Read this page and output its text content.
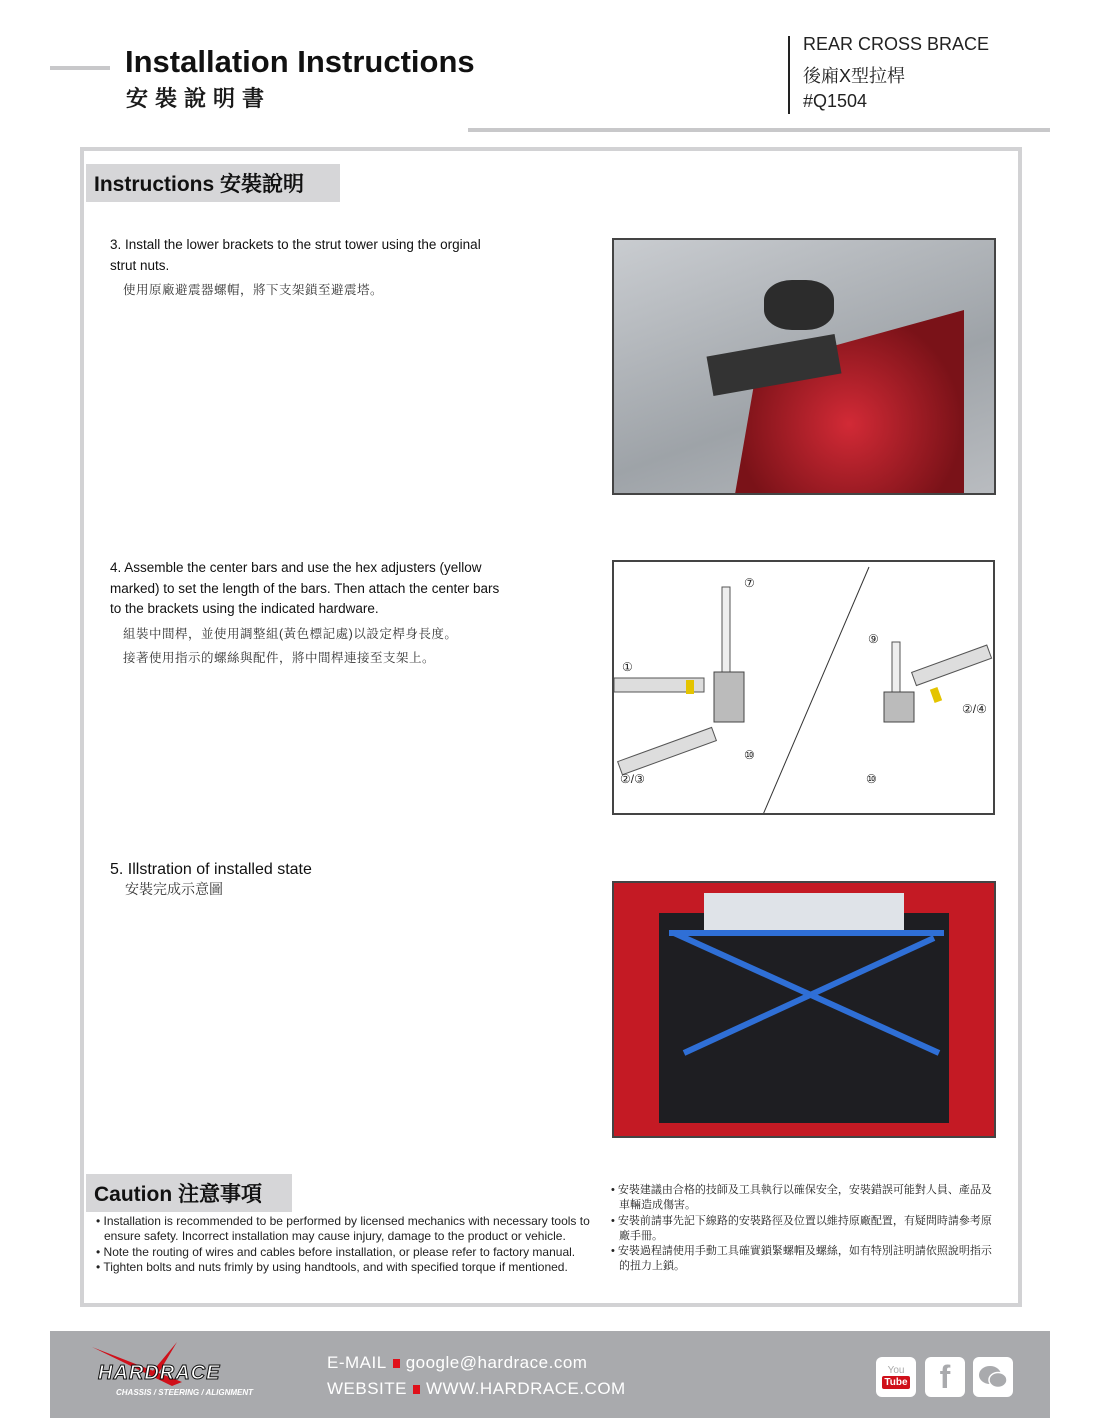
Installation Instructions
安裝說明書
REAR CROSS BRACE
後廂X型拉桿
#Q1504
Instructions 安裝說明
3. Install the lower brackets to the strut tower using the orginal strut nuts.
使用原廠避震器螺帽，將下支架鎖至避震塔。
4. Assemble the center bars and use the hex adjusters (yellow marked) to set the length of the bars. Then attach the center bars to the brackets using the indicated hardware.
組裝中間桿，並使用調整組(黃色標記處)以設定桿身長度。
接著使用指示的螺絲與配件，將中間桿連接至支架上。
①
⑦
⑨
⑩
②/③
②/④
⑩
5. Illstration of installed state
安裝完成示意圖
Caution 注意事項
• Installation is recommended to be performed by licensed mechanics with necessary tools to ensure safety. Incorrect installation may cause injury, damage to the product or vehicle.
• Note the routing of wires and cables before installation, or please refer to factory manual.
• Tighten bolts and nuts frimly by using handtools, and with specified torque if mentioned.
• 安裝建議由合格的技師及工具執行以確保安全，安裝錯誤可能對人員、產品及車輛造成傷害。
• 安裝前請事先記下線路的安裝路徑及位置以維持原廠配置，有疑問時請參考原廠手冊。
• 安裝過程請使用手動工具確實鎖緊螺帽及螺絲，如有特別註明請依照說明指示的扭力上鎖。
HARDRACE
CHASSIS / STEERING / ALIGNMENT
E-MAIL google@hardrace.com
WEBSITE WWW.HARDRACE.COM
You
Tube	f
